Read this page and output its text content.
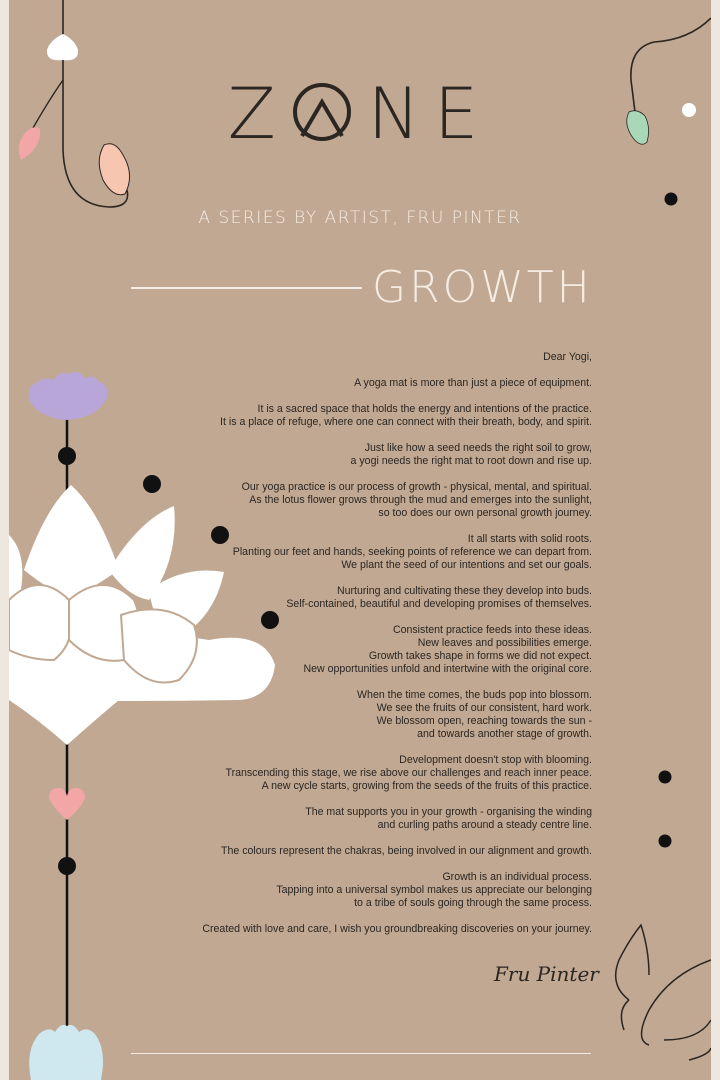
Z NE
A SERIES BY ARTIST, FRU PINTER
GROWTH

Dear Yogi,

A yoga mat is more than just a piece of equipment.

It is a sacred space that holds the energy and intentions of the practice.
It is a place of refuge, where one can connect with their breath, body, and spirit.

Just like how a seed needs the right soil to grow,
a yogi needs the right mat to root down and rise up.

Our yoga practice is our process of growth - physical, mental, and spiritual.
As the lotus flower grows through the mud and emerges into the sunlight,
so too does our own personal growth journey.

It all starts with solid roots.
Planting our feet and hands, seeking points of reference we can depart from.
We plant the seed of our intentions and set our goals.

Nurturing and cultivating these they develop into buds.
Self-contained, beautiful and developing promises of themselves.

Consistent practice feeds into these ideas.
New leaves and possibilities emerge.
Growth takes shape in forms we did not expect.
New opportunities unfold and intertwine with the original core.

When the time comes, the buds pop into blossom.
We see the fruits of our consistent, hard work.
We blossom open, reaching towards the sun -
and towards another stage of growth.

Development doesn't stop with blooming.
Transcending this stage, we rise above our challenges and reach inner peace.
A new cycle starts, growing from the seeds of the fruits of this practice.

The mat supports you in your growth - organising the winding
and curling paths around a steady centre line.

The colours represent the chakras, being involved in our alignment and growth.

Growth is an individual process.
Tapping into a universal symbol makes us appreciate our belonging
to a tribe of souls going through the same process.

Created with love and care, I wish you groundbreaking discoveries on your journey.

Fru Pinter
